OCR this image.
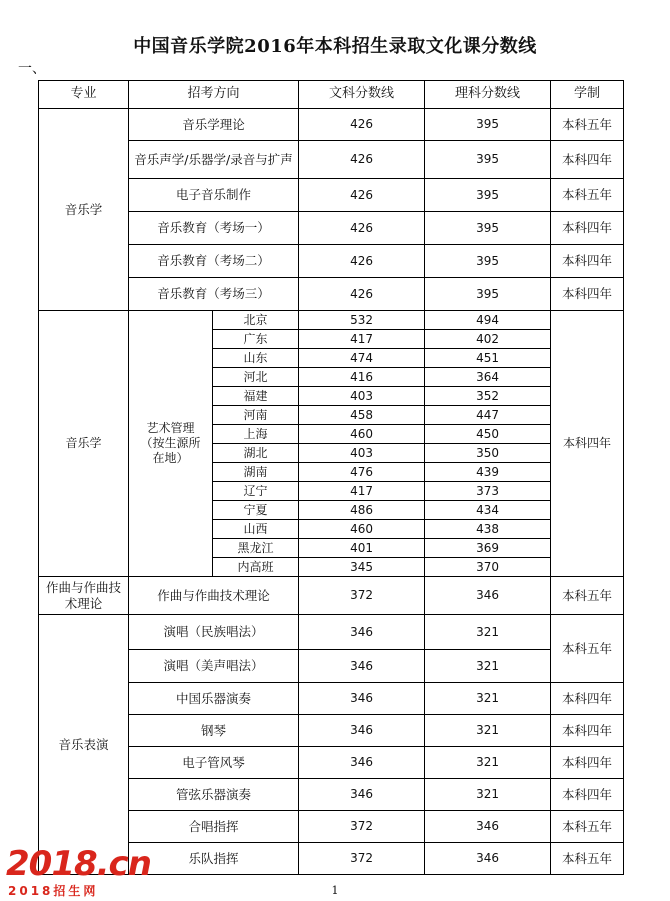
中国音乐学院2016年本科招生录取文化课分数线
一、
专业	招考方向		文科分数线	理科分数线	学制
音乐学	音乐学理论		426	395	本科五年
	音乐声学/乐器学/录音与扩声		426	395	本科四年
	电子音乐制作		426	395	本科五年
	音乐教育（考场一）		426	395	本科四年
	音乐教育（考场二）		426	395	本科四年
	音乐教育（考场三）		426	395	本科四年
音乐学	艺术管理（按生源所在地）	北京	532	494	本科四年
		广东	417	402	
		山东	474	451	
		河北	416	364	
		福建	403	352	
		河南	458	447	
		上海	460	450	
		湖北	403	350	
		湖南	476	439	
		辽宁	417	373	
		宁夏	486	434	
		山西	460	438	
		黑龙江	401	369	
		内高班	345	370	
作曲与作曲技术理论	作曲与作曲技术理论		372	346	本科五年
音乐表演	演唱（民族唱法）		346	321	本科五年
	演唱（美声唱法）		346	321	
	中国乐器演奏		346	321	本科四年
	钢琴		346	321	本科四年
	电子管风琴		346	321	本科四年
	管弦乐器演奏		346	321	本科四年
	合唱指挥		372	346	本科五年
	乐队指挥		372	346	本科五年
1
2018.cn
2018招生网
